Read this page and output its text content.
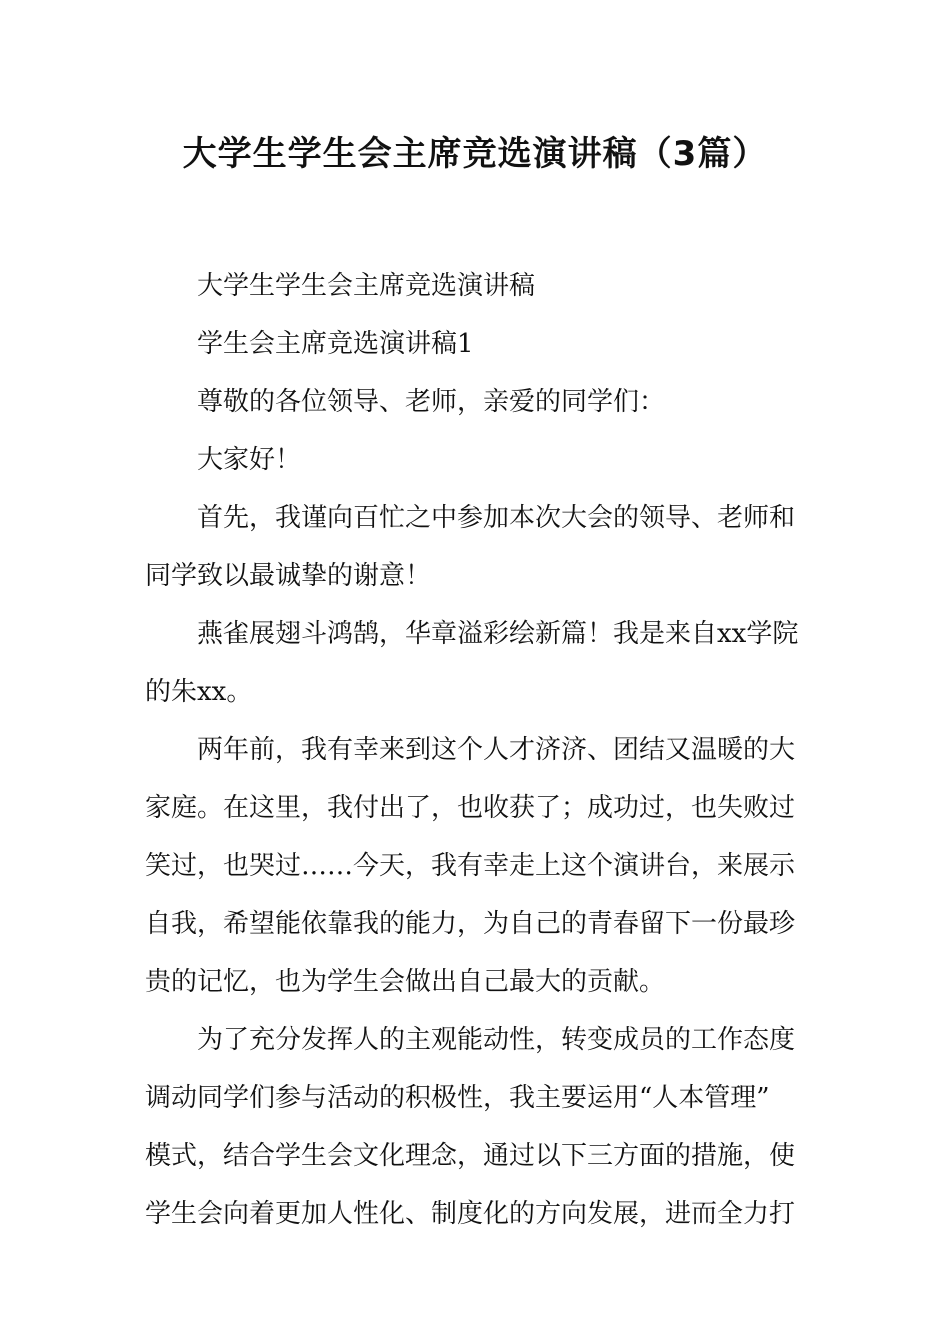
大学生学生会主席竞选演讲稿（3篇）
大学生学生会主席竞选演讲稿
学生会主席竞选演讲稿1
尊敬的各位领导、老师，亲爱的同学们：
大家好！
首先，我谨向百忙之中参加本次大会的领导、老师和
同学致以最诚挚的谢意！
燕雀展翅斗鸿鹄，华章溢彩绘新篇！我是来自xx学院
的朱xx。
两年前，我有幸来到这个人才济济、团结又温暖的大
家庭。在这里，我付出了，也收获了；成功过，也失败过
笑过，也哭过……今天，我有幸走上这个演讲台，来展示
自我，希望能依靠我的能力，为自己的青春留下一份最珍
贵的记忆，也为学生会做出自己最大的贡献。
为了充分发挥人的主观能动性，转变成员的工作态度
调动同学们参与活动的积极性，我主要运用“人本管理”
模式，结合学生会文化理念，通过以下三方面的措施，使
学生会向着更加人性化、制度化的方向发展，进而全力打
